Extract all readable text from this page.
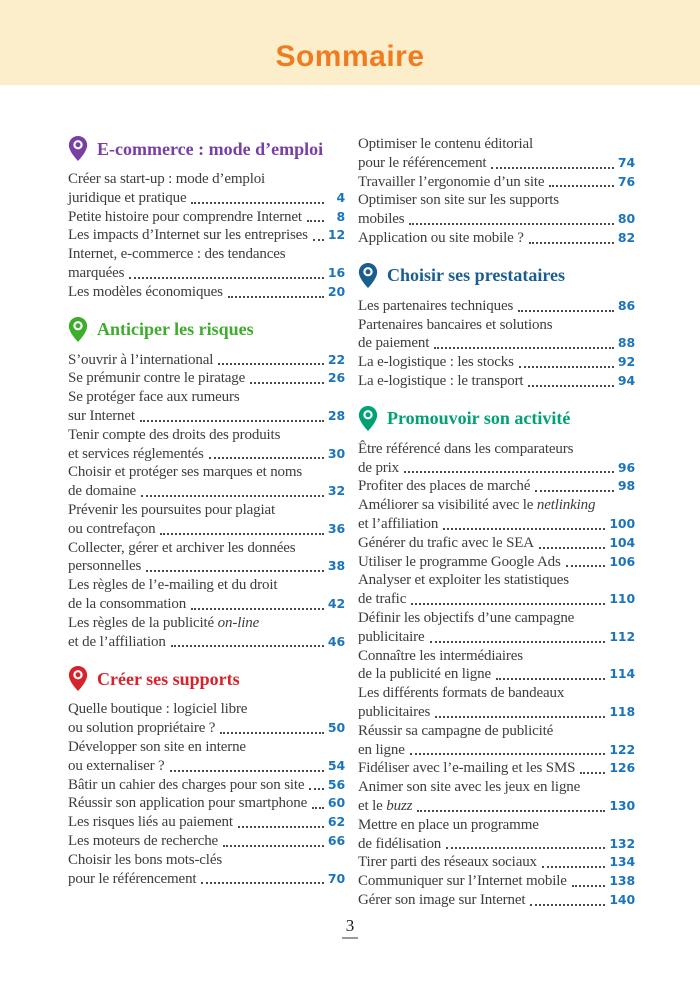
Sommaire
E-commerce : mode d’emploi
Créer sa start-up : mode d’emploi
juridique et pratique	4
Petite histoire pour comprendre Internet	8
Les impacts d’Internet sur les entreprises 12
Internet, e-commerce : des tendances
marquées	16
Les modèles économiques	20
Anticiper les risques
S’ouvrir à l’international	22
Se prémunir contre le piratage	26
Se protéger face aux rumeurs
sur Internet	28
Tenir compte des droits des produits
et services réglementés	30
Choisir et protéger ses marques et noms
de domaine	32
Prévenir les poursuites pour plagiat
ou contrefaçon	36
Collecter, gérer et archiver les données
personnelles	38
Les règles de l’e-mailing et du droit
de la consommation	42
Les règles de la publicité on-line
et de l’affiliation	46
Créer ses supports
Quelle boutique : logiciel libre
ou solution propriétaire ?	50
Développer son site en interne
ou externaliser ?	54
Bâtir un cahier des charges pour son site 56
Réussir son application pour smartphone 60
Les risques liés au paiement	62
Les moteurs de recherche	66
Choisir les bons mots-clés
pour le référencement	70
Optimiser le contenu éditorial
pour le référencement	74
Travailler l’ergonomie d’un site	76
Optimiser son site sur les supports
mobiles	80
Application ou site mobile ?	82
Choisir ses prestataires
Les partenaires techniques	86
Partenaires bancaires et solutions
de paiement	88
La e-logistique : les stocks	92
La e-logistique : le transport	94
Promouvoir son activité
Être référencé dans les comparateurs
de prix	96
Profiter des places de marché	98
Améliorer sa visibilité avec le netlinking
et l’affiliation	100
Générer du trafic avec le SEA	104
Utiliser le programme Google Ads	106
Analyser et exploiter les statistiques
de trafic	110
Définir les objectifs d’une campagne
publicitaire	112
Connaître les intermédiaires
de la publicité en ligne	114
Les différents formats de bandeaux
publicitaires	118
Réussir sa campagne de publicité
en ligne	122
Fidéliser avec l’e-mailing et les SMS	126
Animer son site avec les jeux en ligne
et le buzz	130
Mettre en place un programme
de fidélisation	132
Tirer parti des réseaux sociaux	134
Communiquer sur l’Internet mobile	138
Gérer son image sur Internet	140
3
